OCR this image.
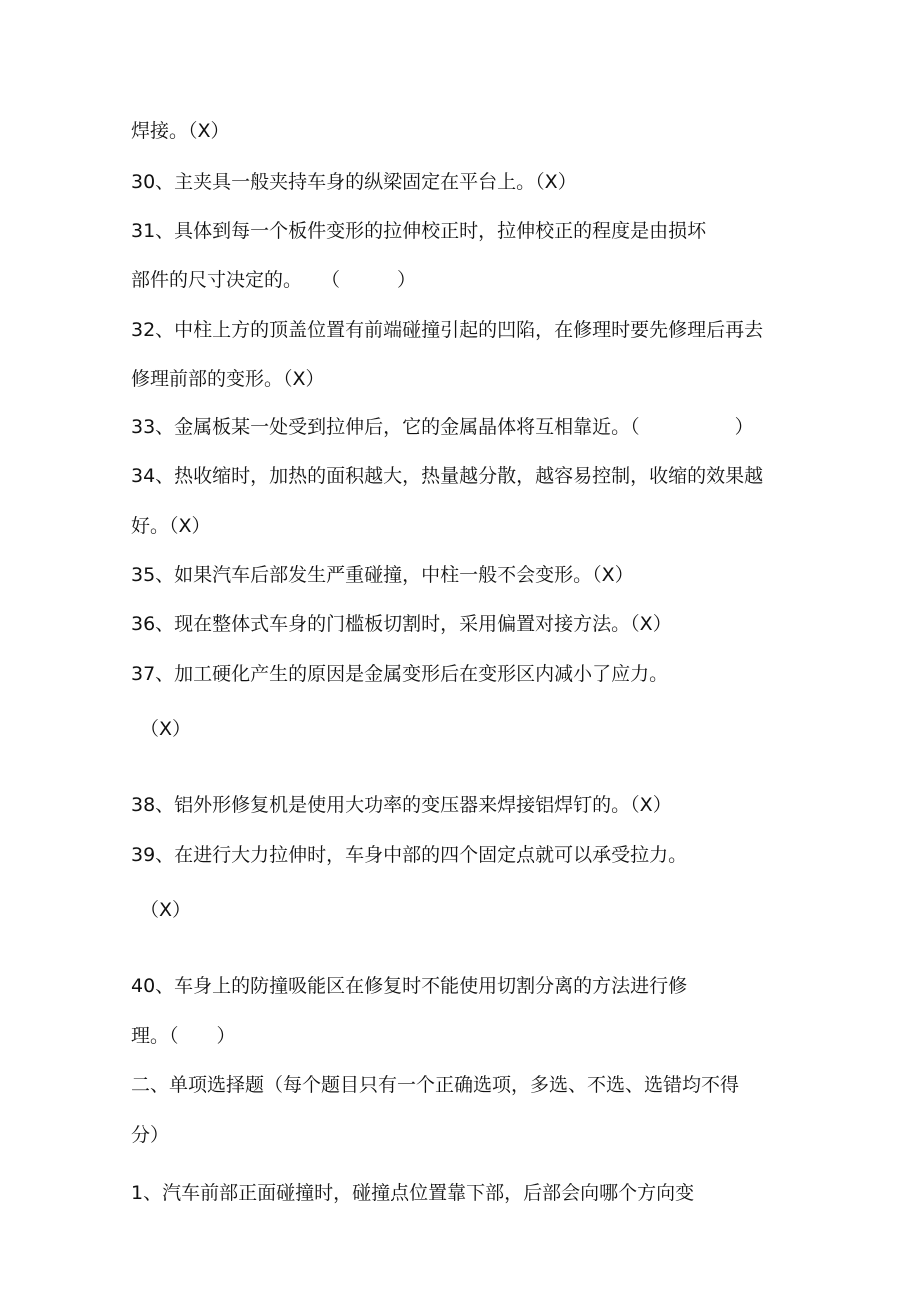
焊接。（X）
30、主夹具一般夹持车身的纵梁固定在平台上。（X）
31、具体到每一个板件变形的拉伸校正时，拉伸校正的程度是由损坏
部件的尺寸决定的。　　（　　　）
32、中柱上方的顶盖位置有前端碰撞引起的凹陷，在修理时要先修理后再去
修理前部的变形。（X）
33、金属板某一处受到拉伸后，它的金属晶体将互相靠近。（　　　　　）
34、热收缩时，加热的面积越大，热量越分散，越容易控制，收缩的效果越
好。（X）
35、如果汽车后部发生严重碰撞，中柱一般不会变形。（X）
36、现在整体式车身的门槛板切割时，采用偏置对接方法。（X）
37、加工硬化产生的原因是金属变形后在变形区内减小了应力。
（X）
38、铝外形修复机是使用大功率的变压器来焊接铝焊钉的。（X）
39、在进行大力拉伸时，车身中部的四个固定点就可以承受拉力。
（X）
40、车身上的防撞吸能区在修复时不能使用切割分离的方法进行修
理。（　　）
二、单项选择题（每个题目只有一个正确选项，多选、不选、选错均不得
分）
1、汽车前部正面碰撞时，碰撞点位置靠下部，后部会向哪个方向变
